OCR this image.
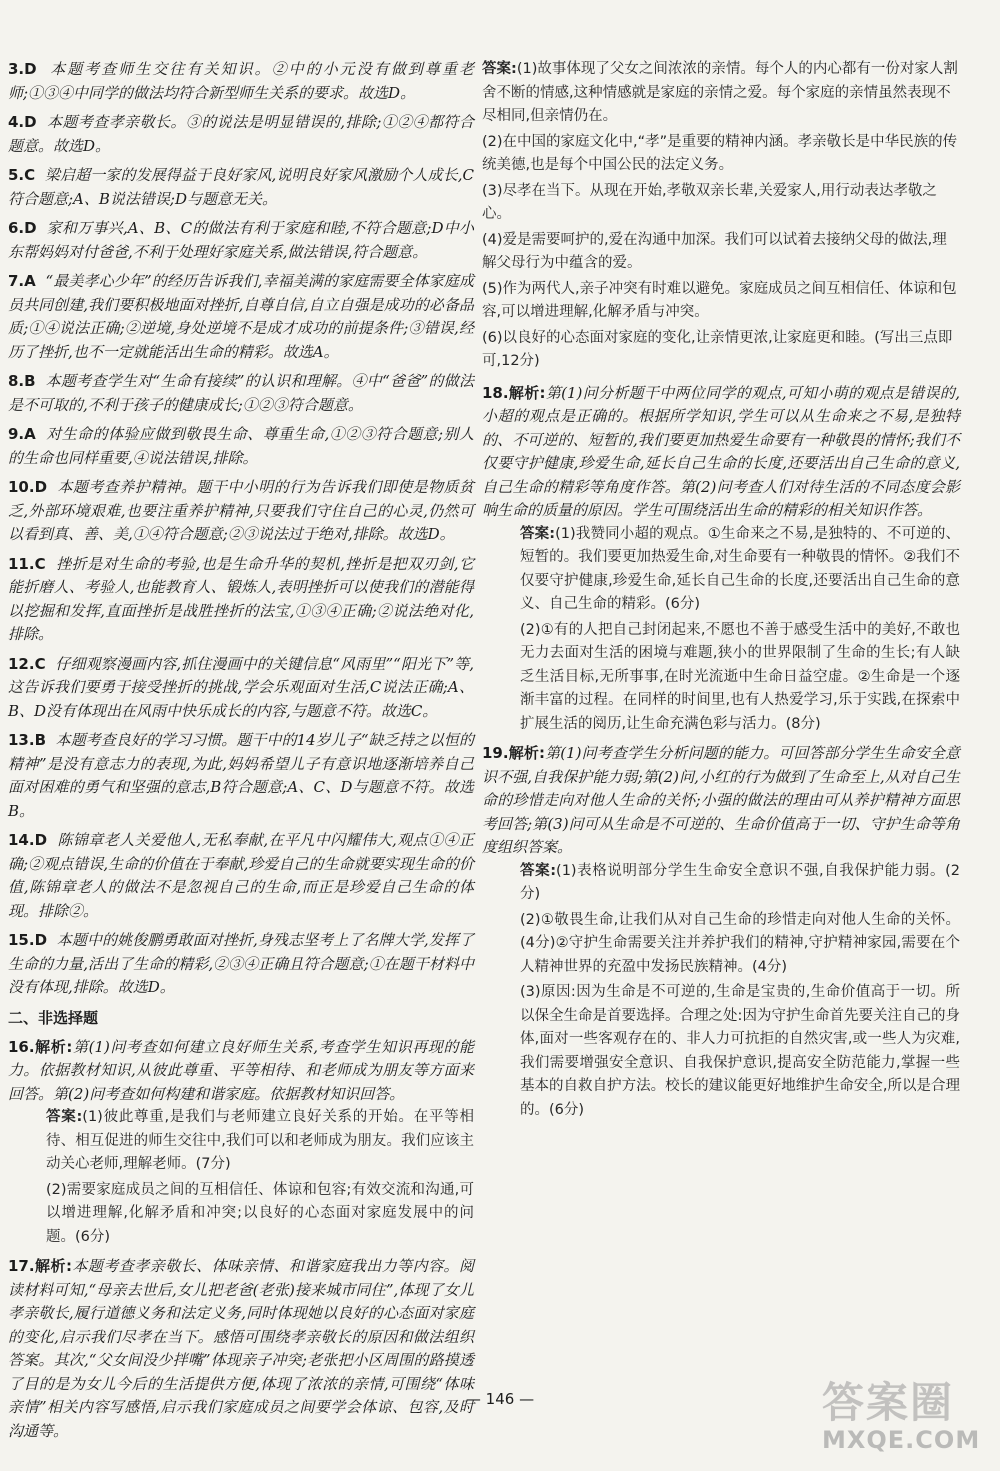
3.D 本题考查师生交往有关知识。②中的小元没有做到尊重老师;①③④中同学的做法均符合新型师生关系的要求。故选D。
4.D 本题考查孝亲敬长。③的说法是明显错误的,排除;①②④都符合题意。故选D。
5.C 梁启超一家的发展得益于良好家风,说明良好家风激励个人成长,C符合题意;A、B说法错误;D与题意无关。
6.D 家和万事兴,A、B、C的做法有利于家庭和睦,不符合题意;D中小东帮妈妈对付爸爸,不利于处理好家庭关系,做法错误,符合题意。
7.A “最美孝心少年”的经历告诉我们,幸福美满的家庭需要全体家庭成员共同创建,我们要积极地面对挫折,自尊自信,自立自强是成功的必备品质;①④说法正确;②逆境,身处逆境不是成才成功的前提条件;③错误,经历了挫折,也不一定就能活出生命的精彩。故选A。
8.B 本题考查学生对“生命有接续”的认识和理解。④中“爸爸”的做法是不可取的,不利于孩子的健康成长;①②③符合题意。
9.A 对生命的体验应做到敬畏生命、尊重生命,①②③符合题意;别人的生命也同样重要,④说法错误,排除。
10.D 本题考查养护精神。题干中小明的行为告诉我们即使是物质贫乏,外部环境艰难,也要注重养护精神,只要我们守住自己的心灵,仍然可以看到真、善、美,①④符合题意;②③说法过于绝对,排除。故选D。
11.C 挫折是对生命的考验,也是生命升华的契机,挫折是把双刃剑,它能折磨人、考验人,也能教育人、锻炼人,表明挫折可以使我们的潜能得以挖掘和发挥,直面挫折是战胜挫折的法宝,①③④正确;②说法绝对化,排除。
12.C 仔细观察漫画内容,抓住漫画中的关键信息“风雨里”“阳光下”等,这告诉我们要勇于接受挫折的挑战,学会乐观面对生活,C说法正确;A、B、D没有体现出在风雨中快乐成长的内容,与题意不符。故选C。
13.B 本题考查良好的学习习惯。题干中的14岁儿子“缺乏持之以恒的精神”是没有意志力的表现,为此,妈妈希望儿子有意识地逐渐培养自己面对困难的勇气和坚强的意志,B符合题意;A、C、D与题意不符。故选B。
14.D 陈锦章老人关爱他人,无私奉献,在平凡中闪耀伟大,观点①④正确;②观点错误,生命的价值在于奉献,珍爱自己的生命就要实现生命的价值,陈锦章老人的做法不是忽视自己的生命,而正是珍爱自己生命的体现。排除②。
15.D 本题中的姚俊鹏勇敢面对挫折,身残志坚考上了名牌大学,发挥了生命的力量,活出了生命的精彩,②③④正确且符合题意;①在题干材料中没有体现,排除。故选D。
二、非选择题
16.解析:第(1)问考查如何建立良好师生关系,考查学生知识再现的能力。依据教材知识,从彼此尊重、平等相待、和老师成为朋友等方面来回答。第(2)问考查如何构建和谐家庭。依据教材知识回答。
答案:(1)彼此尊重,是我们与老师建立良好关系的开始。在平等相待、相互促进的师生交往中,我们可以和老师成为朋友。我们应该主动关心老师,理解老师。(7分)
(2)需要家庭成员之间的互相信任、体谅和包容;有效交流和沟通,可以增进理解,化解矛盾和冲突;以良好的心态面对家庭发展中的问题。(6分)
17.解析:本题考查孝亲敬长、体味亲情、和谐家庭我出力等内容。阅读材料可知,“母亲去世后,女儿把老爸(老张)接来城市同住”,体现了女儿孝亲敬长,履行道德义务和法定义务,同时体现她以良好的心态面对家庭的变化,启示我们尽孝在当下。感悟可围绕孝亲敬长的原因和做法组织答案。其次,“父女间没少拌嘴”体现亲子冲突;老张把小区周围的路摸透了目的是为女儿今后的生活提供方便,体现了浓浓的亲情,可围绕“体味亲情”相关内容写感悟,启示我们家庭成员之间要学会体谅、包容,及时沟通等。
答案:(1)故事体现了父女之间浓浓的亲情。每个人的内心都有一份对家人割舍不断的情感,这种情感就是家庭的亲情之爱。每个家庭的亲情虽然表现不尽相同,但亲情仍在。
(2)在中国的家庭文化中,“孝”是重要的精神内涵。孝亲敬长是中华民族的传统美德,也是每个中国公民的法定义务。
(3)尽孝在当下。从现在开始,孝敬双亲长辈,关爱家人,用行动表达孝敬之心。
(4)爱是需要呵护的,爱在沟通中加深。我们可以试着去接纳父母的做法,理解父母行为中蕴含的爱。
(5)作为两代人,亲子冲突有时难以避免。家庭成员之间互相信任、体谅和包容,可以增进理解,化解矛盾与冲突。
(6)以良好的心态面对家庭的变化,让亲情更浓,让家庭更和睦。(写出三点即可,12分)
18.解析:第(1)问分析题干中两位同学的观点,可知小萌的观点是错误的,小超的观点是正确的。根据所学知识,学生可以从生命来之不易,是独特的、不可逆的、短暂的,我们要更加热爱生命要有一种敬畏的情怀;我们不仅要守护健康,珍爱生命,延长自己生命的长度,还要活出自己生命的意义,自己生命的精彩等角度作答。第(2)问考查人们对待生活的不同态度会影响生命的质量的原因。学生可围绕活出生命的精彩的相关知识作答。
答案:(1)我赞同小超的观点。①生命来之不易,是独特的、不可逆的、短暂的。我们要更加热爱生命,对生命要有一种敬畏的情怀。②我们不仅要守护健康,珍爱生命,延长自己生命的长度,还要活出自己生命的意义、自己生命的精彩。(6分)
(2)①有的人把自己封闭起来,不愿也不善于感受生活中的美好,不敢也无力去面对生活的困境与难题,狭小的世界限制了生命的生长;有人缺乏生活目标,无所事事,在时光流逝中生命日益空虚。②生命是一个逐渐丰富的过程。在同样的时间里,也有人热爱学习,乐于实践,在探索中扩展生活的阅历,让生命充满色彩与活力。(8分)
19.解析:第(1)问考查学生分析问题的能力。可回答部分学生生命安全意识不强,自我保护能力弱;第(2)问,小红的行为做到了生命至上,从对自己生命的珍惜走向对他人生命的关怀;小强的做法的理由可从养护精神方面思考回答;第(3)问可从生命是不可逆的、生命价值高于一切、守护生命等角度组织答案。
答案:(1)表格说明部分学生生命安全意识不强,自我保护能力弱。(2分)
(2)①敬畏生命,让我们从对自己生命的珍惜走向对他人生命的关怀。(4分)②守护生命需要关注并养护我们的精神,守护精神家园,需要在个人精神世界的充盈中发扬民族精神。(4分)
(3)原因:因为生命是不可逆的,生命是宝贵的,生命价值高于一切。所以保全生命是首要选择。合理之处:因为守护生命首先要关注自己的身体,面对一些客观存在的、非人力可抗拒的自然灾害,或一些人为灾难,我们需要增强安全意识、自我保护意识,提高安全防范能力,掌握一些基本的自救自护方法。校长的建议能更好地维护生命安全,所以是合理的。(6分)
— 146 —	答案圈
MXQE.COM
